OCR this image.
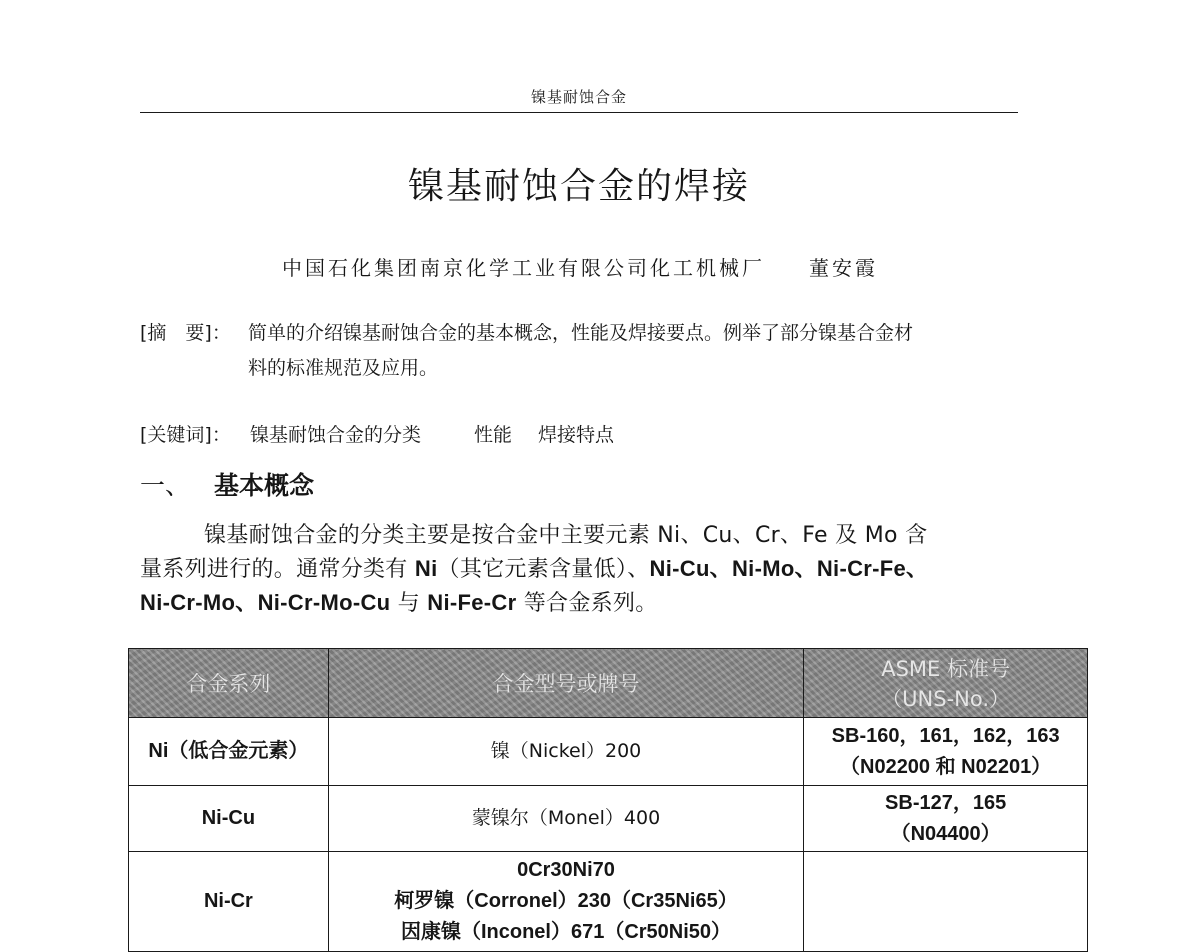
镍基耐蚀合金
镍基耐蚀合金的焊接
中国石化集团南京化学工业有限公司化工机械厂 董安霞
[摘　要]： 简单的介绍镍基耐蚀合金的基本概念，性能及焊接要点。例举了部分镍基合金材
料的标准规范及应用。
[关键词]： 镍基耐蚀合金的分类	性能 焊接特点
一、 基本概念
镍基耐蚀合金的分类主要是按合金中主要元素 Ni、Cu、Cr、Fe 及 Mo 含
量系列进行的。通常分类有 Ni（其它元素含量低）、Ni-Cu、Ni-Mo、Ni-Cr-Fe、
Ni-Cr-Mo、Ni-Cr-Mo-Cu 与 Ni-Fe-Cr 等合金系列。
合金系列	合金型号或牌号	ASME 标准号
（UNS-No.）

Ni（低合金元素）	镍（Nickel）200	SB-160，161，162，163
（N02200 和 N02201）

Ni-Cu	蒙镍尔（Monel）400	SB-127，165
（N04400）

Ni-Cr	0Cr30Ni70
柯罗镍（Corronel）230（Cr35Ni65）
因康镍（Inconel）671（Cr50Ni50）	
